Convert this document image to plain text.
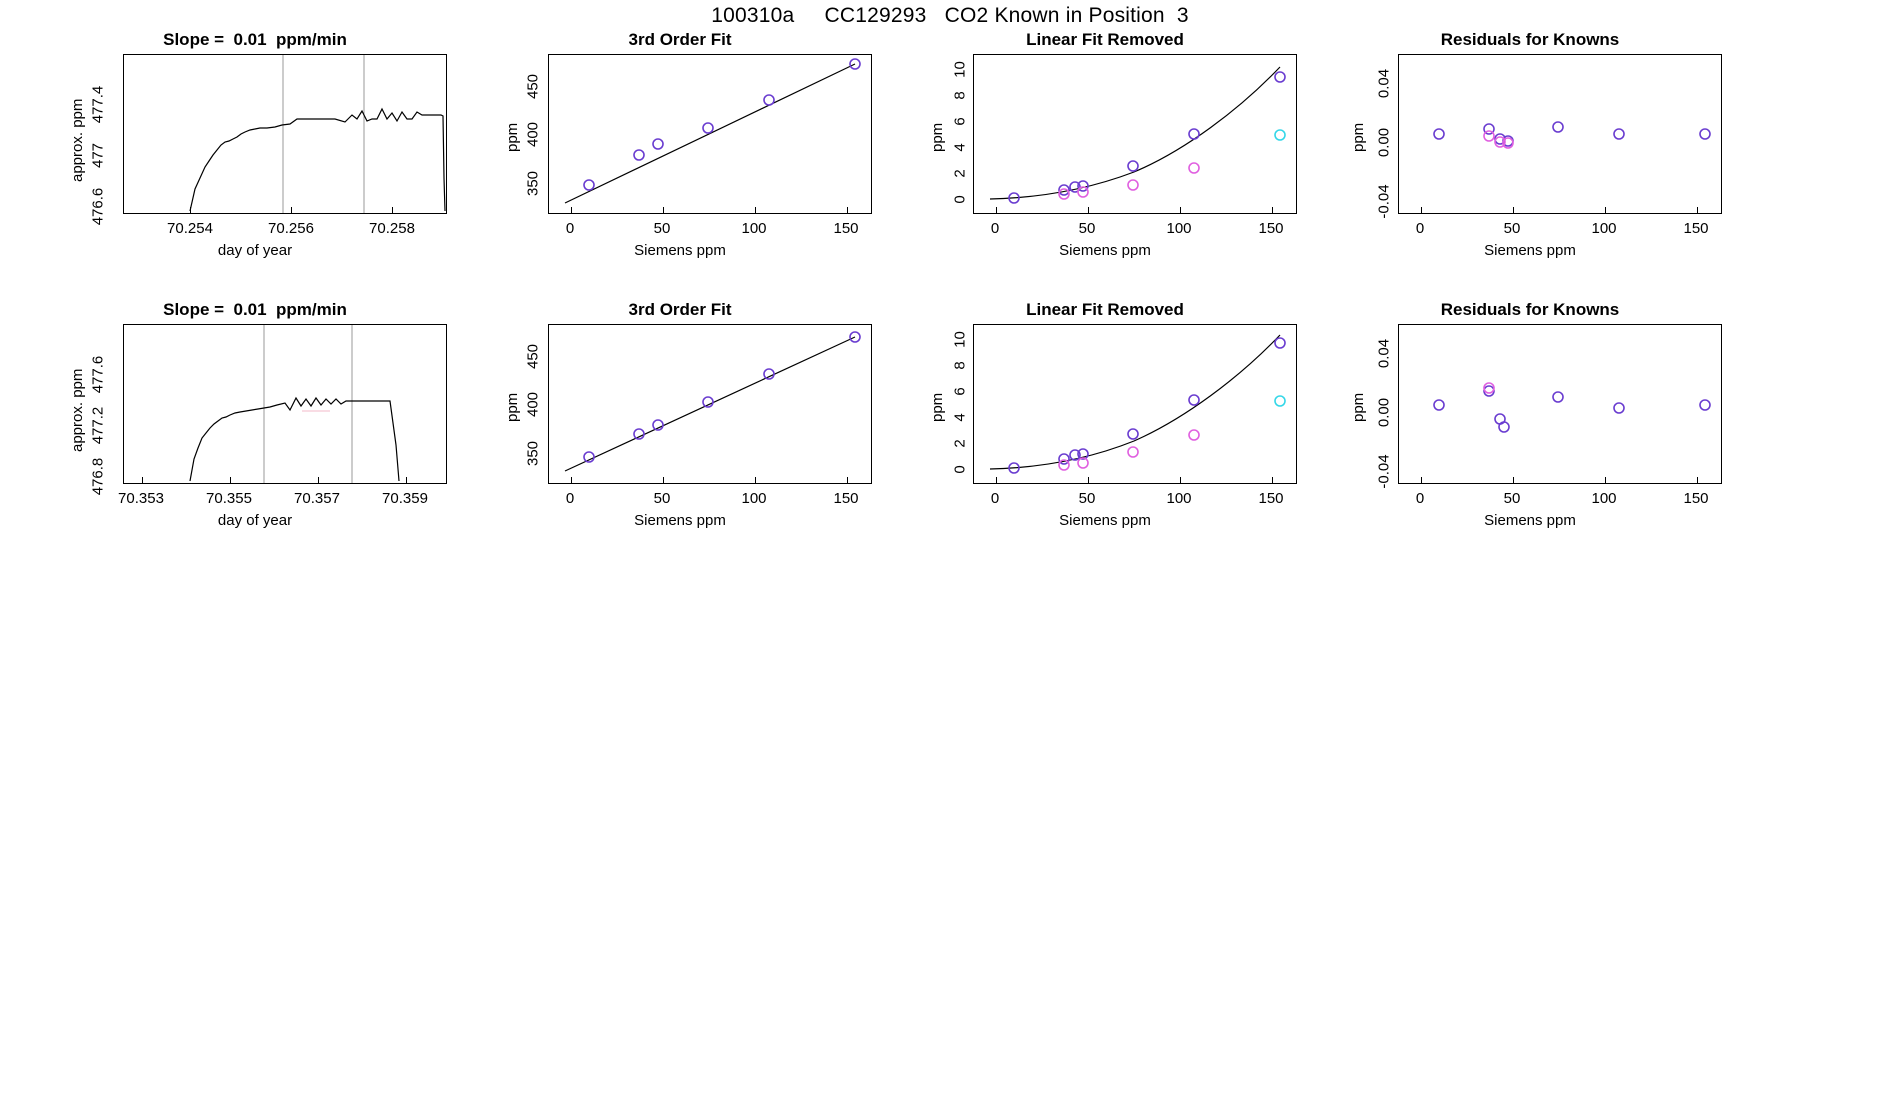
100310a     CC129293   CO2 Known in Position  3
Slope =  0.01  ppm/min
70.254	70.256	70.258
day of year
476.6
477
477.4
approx. ppm
3rd Order Fit
0	50	100	150
Siemens ppm
350
400
450
ppm
Linear Fit Removed
0	50	100	150
Siemens ppm
0
2
4
6
8
10
ppm
Residuals for Knowns
0	50	100	150
Siemens ppm
-0.04
0.00
0.04
ppm
Slope =  0.01  ppm/min
70.353	70.355	70.357	70.359
day of year
476.8
477.2
477.6
approx. ppm
3rd Order Fit
0	50	100	150
Siemens ppm
350
400
450
ppm
Linear Fit Removed
0	50	100	150
Siemens ppm
0
2
4
6
8
10
ppm
Residuals for Knowns
0	50	100	150
Siemens ppm
-0.04
0.00
0.04
ppm
